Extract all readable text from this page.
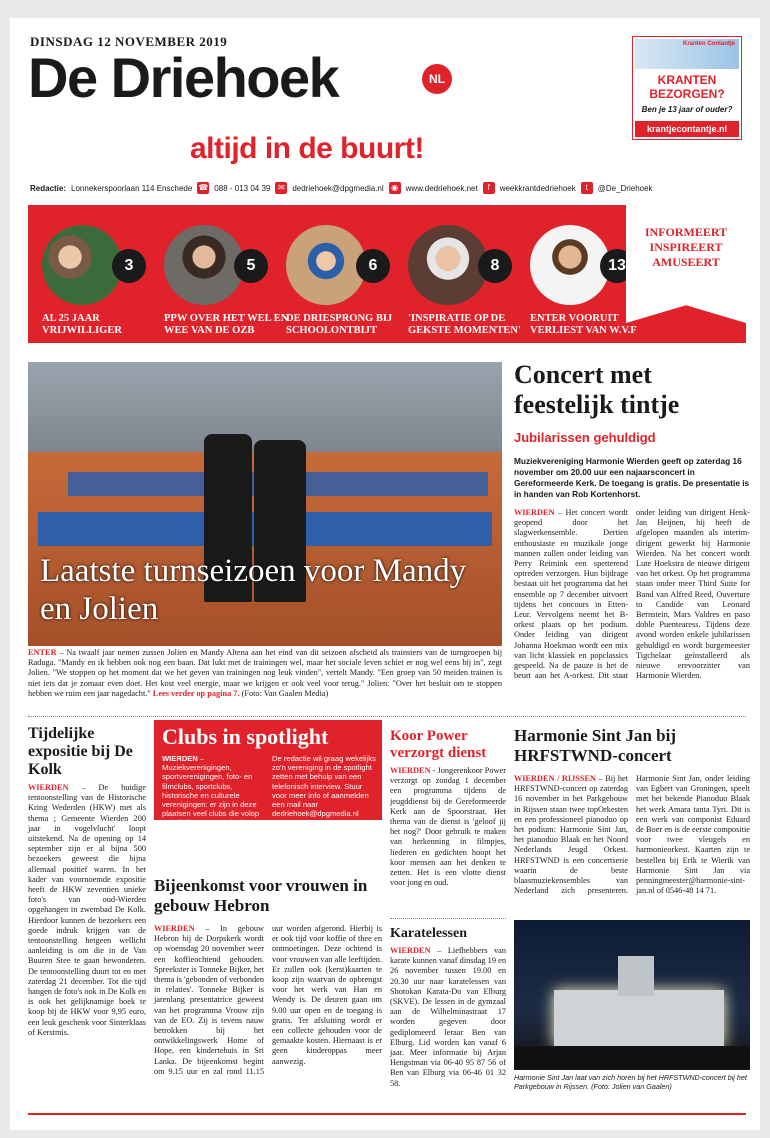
DINSDAG 12 NOVEMBER 2019
De Driehoek	NL
altijd in de buurt!
Kranten Contantje
KRANTEN BEZORGEN?
Ben je 13 jaar of ouder?
krantjecontantje.nl
Redactie: Lonnekerspoorlaan 114 Enschede ☎ 088 - 013 04 39 ✉ dedriehoek@dpgmedia.nl ◉ www.dedriehoek.net	f	weekkrantdedriehoek	t	@De_Driehoek
3
AL 25 JAAR VRIJWILLIGER
5
PPW OVER HET WEL EN WEE VAN DE OZB
6
DE DRIESPRONG BIJ SCHOOLONTBIJT
8
'INSPIRATIE OP DE GEKSTE MOMENTEN'
13
ENTER VOORUIT VERLIEST VAN W.V.F
INFORMEERT INSPIREERT AMUSEERT
Laatste turnseizoen voor Mandy en Jolien
ENTER – Na twaalf jaar nemen zussen Jolien en Mandy Altena aan het eind van dit seizoen afscheid als trainsters van de turngroepen bij Raduga. "Mandy en ik hebben ook nog een baan. Dat lukt met de trainingen wel, maar het sociale leven schiet er nog wel eens bij in", zegt Jolien. "We stoppen op het moment dat we het geven van trainingen nog leuk vinden", vertelt Mandy. "Een groep van 50 meiden trainen is niet iets dat je zomaar even doet. Het kost veel energie, maar we krijgen er ook veel voor terug." Jolien: "Over het besluit om te stoppen hebben we ruim een jaar nagedacht." Lees verder op pagina 7. (Foto: Van Gaalen Media)
Concert met feestelijk tintje
Jubilarissen gehuldigd
Muziekvereniging Harmonie Wierden geeft op zaterdag 16 november om 20.00 uur een najaarsconcert in Gereformeerde Kerk. De toegang is gratis. De presentatie is in handen van Rob Kortenhorst.
WIERDEN – Het concert wordt geopend door het slagwerkensemble. Dertien enthousiaste en muzikale jonge mannen zullen onder leiding van Perry Reimink een spetterend optreden verzorgen. Hun bijdrage bestaat uit het programma dat het ensemble op 7 december uitvoert tijdens het concours in Etten-Leur. Vervolgens neemt het B-orkest plaats op het podium. Onder leiding van dirigent Johanna Hoekman wordt een mix van licht klassiek en popclassics gespeeld. Na de pauze is het de beurt aan het A-orkest. Dit staat onder leiding van dirigent Henk-Jan Heijnen, hij heeft de afgelopen maanden als interim-dirigent gewerkt bij Harmonie Wierden. Na het concert wordt Lute Hoekstra de nieuwe dirigent van het orkest. Op het programma staan onder meer Third Suite for Band van Alfred Reed, Ouverture to Candide van Leonard Bernstein, Mars Valdres en paso doble Puentearess. Tijdens deze avond worden enkele jubilarissen gehuldigd en wordt burgemeester Tigchelaar geïnstalleerd als nieuwe erevoorzitter van Harmonie Wierden.
Tijdelijke expositie bij De Kolk
WIERDEN – De huidige tentoonstelling van de Historische Kring Wederden (HKW) met als thema ; Gemeente Wierden 200 jaar in vogelvlucht' loopt uitstekend. Na de opening op 14 september zijn er al bijna 500 bezoekers geweest die bijna allemaal positief waren. In het kader van voornoemde expositie heeft de HKW zeventien unieke foto's van oud-Wierden opgehangen in zwembad De Kolk. Hierdoor kunnen de bezoekers een goede indruk krijgen van de tentoonstelling hetgeen wellicht aanleiding is om die in de Van Buuren Stee te gaan bewonderen. De tentoonstelling duurt tot en met zaterdag 21 december. Tot die tijd hangen de foto's ook in De Kolk en is ook het gelijknamige boek te koop bij de HKW voor 9,95 euro, een leuk geschenk voor Sinterklaas of Kerstmis.
Clubs in spotlight
WIERDEN – Muziekverenigingen, sportverenigingen, foto- en filmclubs, sportclubs, historische en culturele verenigingen: er zijn in deze plaatsen veel clubs die volop actief zijn en grotendeels draaien met hulp van vrijwilligers.
De redactie wil graag wekelijks zo'n vereniging in de spotlight zetten met behulp van een telefonisch interview. Stuur voor meer info of aanmelden een mail naar dedriehoek@dpgmedia.nl
Bijeenkomst voor vrouwen in gebouw Hebron
WIERDEN – In gebouw Hebron bij de Dorpskerk wordt op woensdag 20 november weer een koffieochtend gehouden. Spreekster is Tonneke Bijker, het thema is 'gebonden of verbonden in relaties'. Tonneke Bijker is jarenlang presentatrice geweest van het programma Vrouw zijn van de EO. Zij is tevens nauw betrokken bij het ontwikkelingswerk Home of Hope, een kindertehuis in Sri Lanka. De bijeenkomst begint om 9.15 uur en zal rond 11.15 uur worden afgerond. Hierbij is er ook tijd voor koffie of thee en ontmoetingen. Deze ochtend is voor vrouwen van alle leeftijden. Er zullen ook (kerst)kaarten te koop zijn waarvan de opbrengst voor het werk van Han en Wendy is. De deuren gaan om 9.00 uur open en de toegang is gratis. Ter afsluiting wordt er een collecte gehouden voor de gemaakte kosten. Hiernaast is er geen kinderoppas meer aanwezig.
Koor Power verzorgt dienst
WIERDEN - Jongerenkoor Power verzorgt op zondag 1 december een programma tijdens de jeugddienst bij de Gereformeerde Kerk aan de Spoorstraat. Het thema van de dienst is 'geloof jij het nog?' Door gebruik te maken van herkenning in filmpjes, liederen en gedichten hoopt het koor mensen aan het denken te zetten. Het is een vlotte dienst voor jong en oud.
Karatelessen
WIERDEN – Liefhebbers van karate kunnen vanaf dinsdag 19 en 26 november tussen 19.00 en 20.30 uur naar karatelessen van Shotokan Karata-Do van Elburg (SKVE). De lessen in de gymzaal aan de Wilhelminastraat 17 worden gegeven door gediplomeerd leraar Ben van Elburg. Lid worden kan vanaf 6 jaar. Meer informatie bij Arjan Hengstman via 06-40 95 87 56 of Ben van Elburg via 06-46 01 32 58.
Harmonie Sint Jan bij HRFSTWND-concert
WIERDEN / RIJSSEN – Bij het HRFSTWND-concert op zaterdag 16 november in het Parkgebouw in Rijssen staan twee topOrkesten en een professioneel pianoduo op het podium: Harmonie Sint Jan, het pianoduo Blaak en het Noord Nederlands Jeugd Orkest. HRFSTWND is een concertserie waarin de beste blaasmuziekensembles van Nederland zich presenteren. Harmonie Sint Jan, onder leiding van Egbert van Groningen, speelt met het bekende Pianoduo Blaak het werk Amara tanta Tyri. Dit is een werk van componist Eduard de Boer en is de eerste compositie voor twee vleugels en harmonieorkest. Kaarten zijn te bestellen bij Erik te Wierik van Harmonie Sint Jan via penningmeester@harmonie-sint-jan.nl of 0546-48 14 71.
Harmonie Sint Jan laat van zich horen bij het HRFSTWND-concert bij het Parkgebouw in Rijssen. (Foto: Jolien van Gaalen)
